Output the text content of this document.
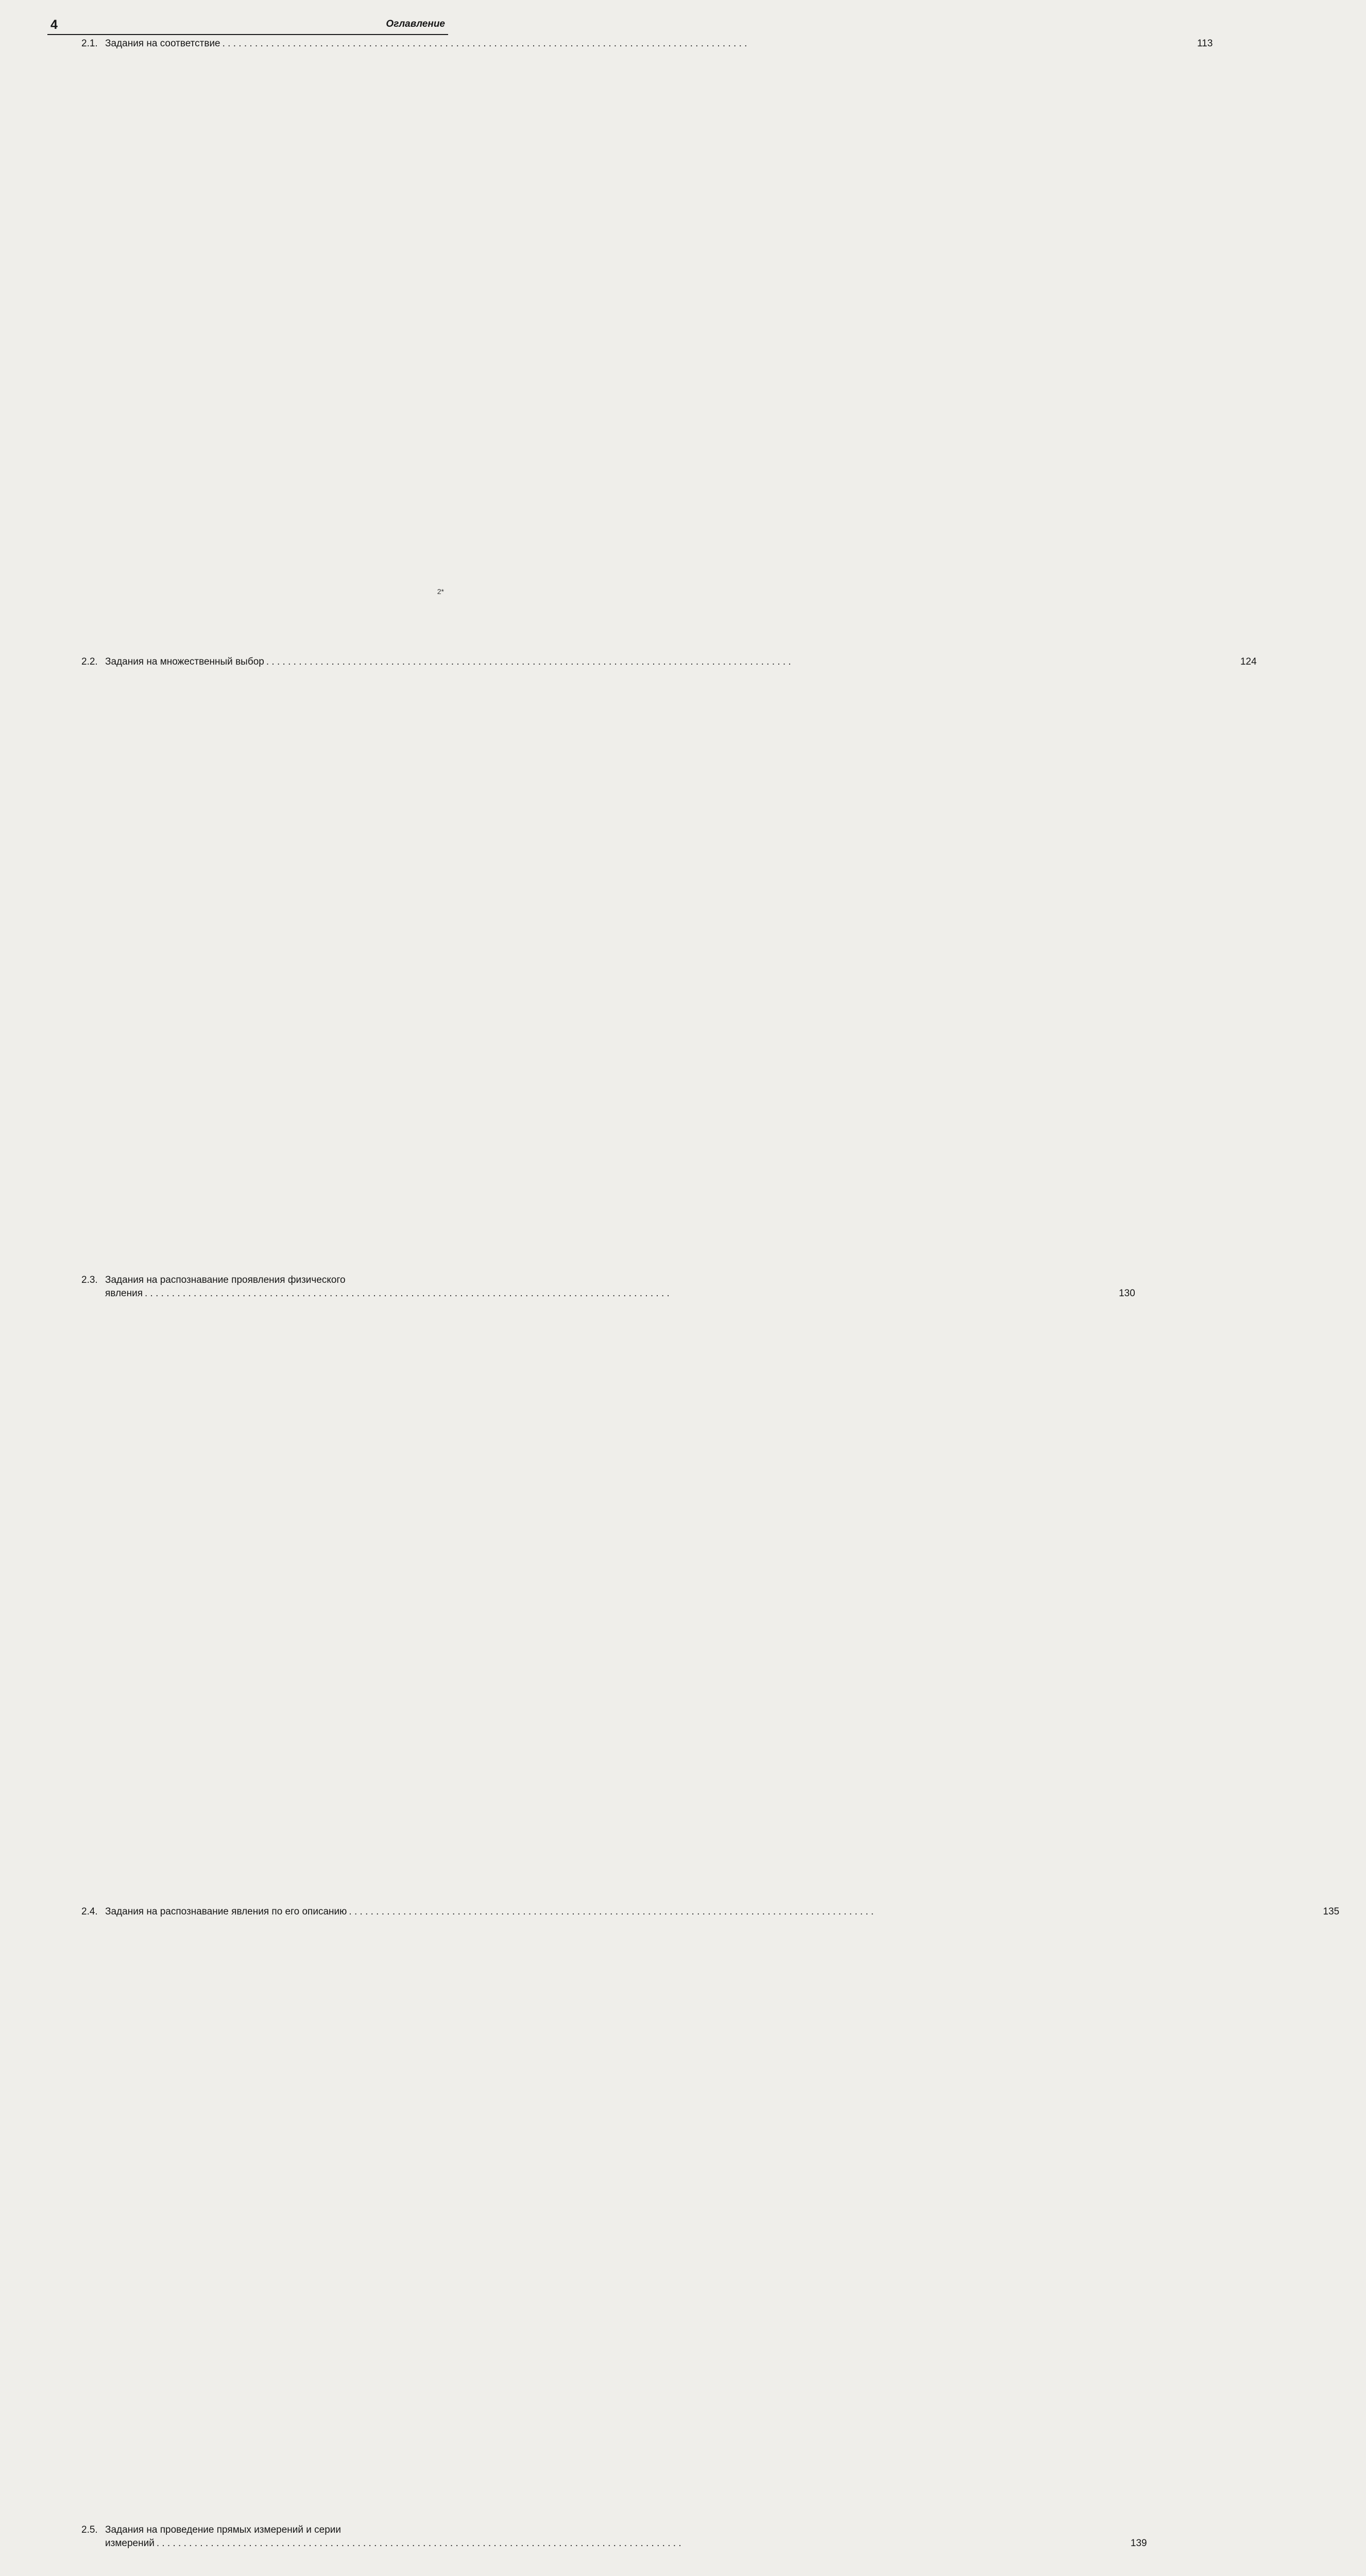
4	Оглавление
2.1. Задания на соответствие . . .	113
2.2. Задания на множественный выбор . . .	124
2.3. Задания на распознавание проявления физического
явления . . .	130
2.4. Задания на распознавание явления по его описанию . . .	135
2.5. Задания на проведение прямых измерений и серии
измерений . . .	139
2*
